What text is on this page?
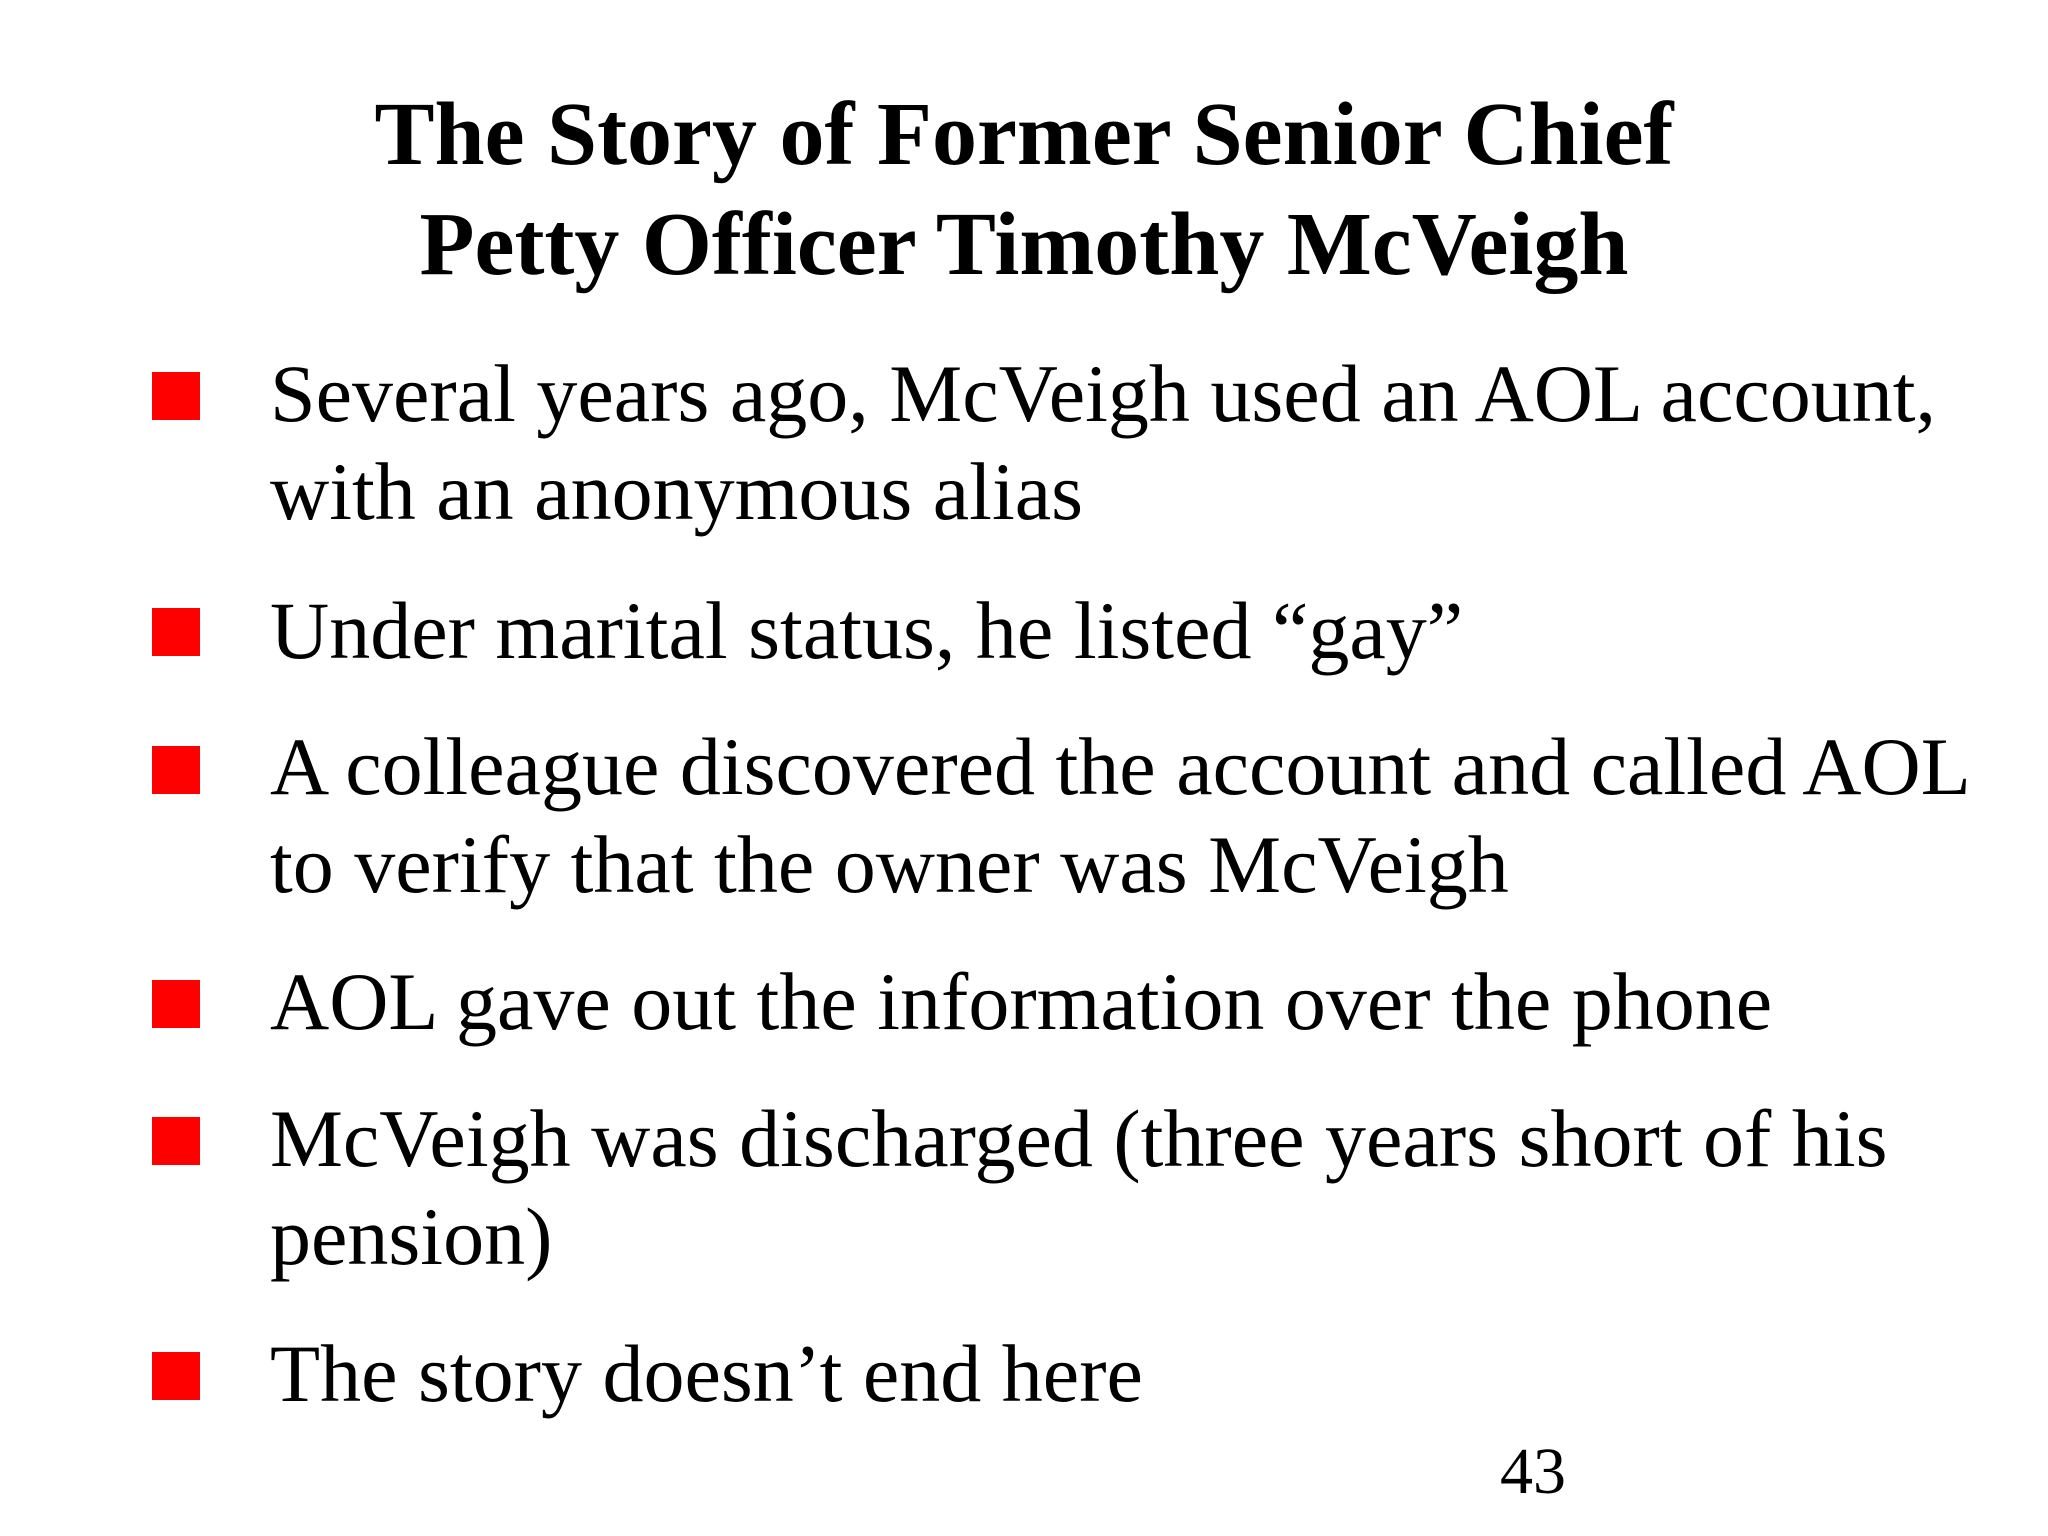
The Story of Former Senior Chief
Petty Officer Timothy McVeigh
Several years ago, McVeigh used an AOL account,
with an anonymous alias
Under marital status, he listed “gay”
A colleague discovered the account and called AOL
to verify that the owner was McVeigh
AOL gave out the information over the phone
McVeigh was discharged (three years short of his
pension)
The story doesn’t end here
43
